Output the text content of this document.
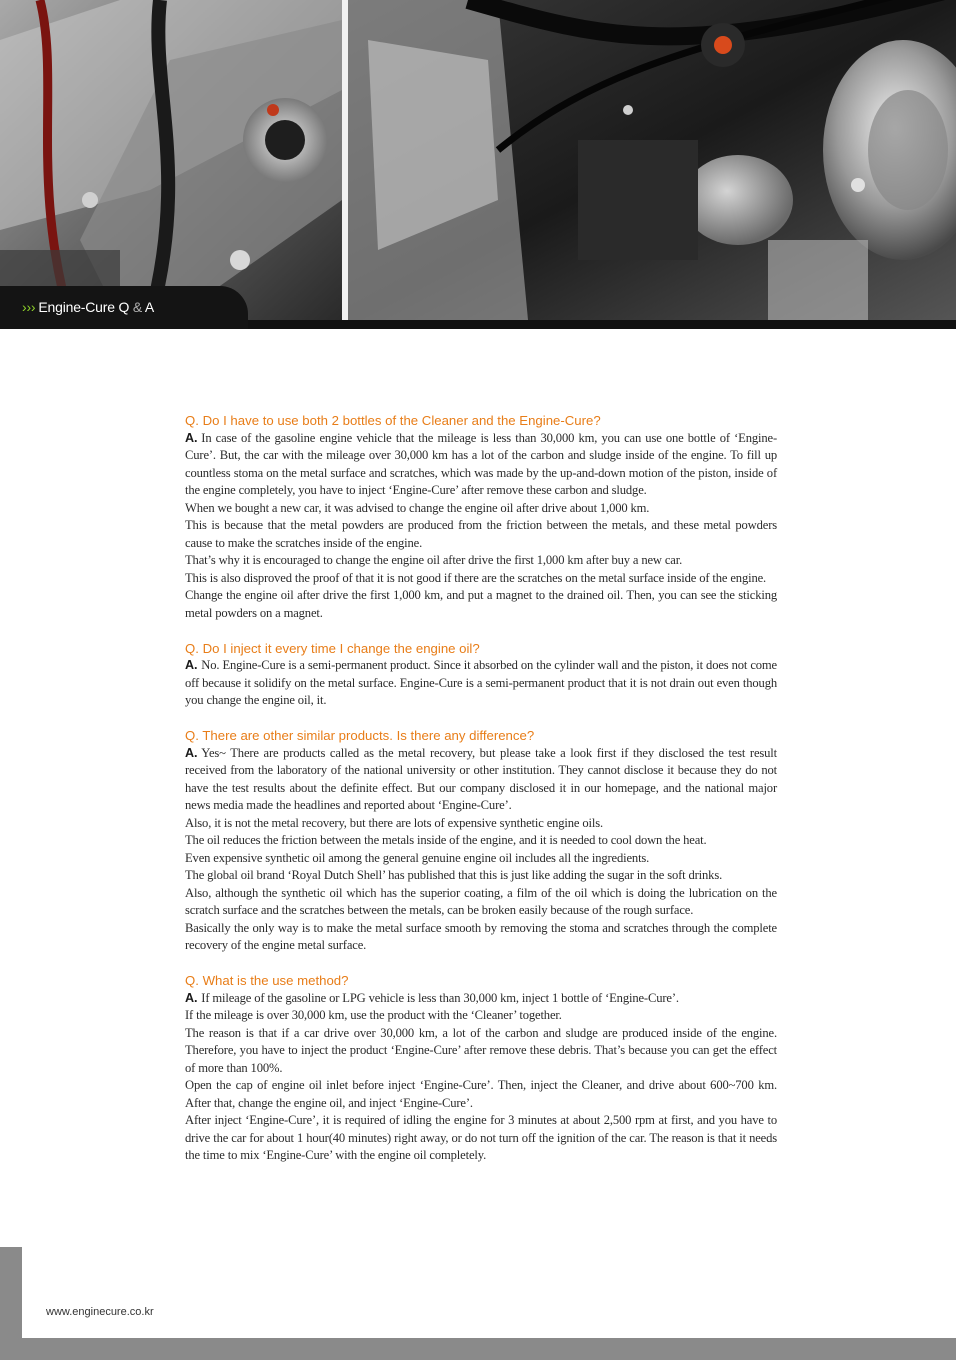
››› Engine-Cure Q & A

Q. Do I have to use both 2 bottles of the Cleaner and the Engine-Cure?

A. In case of the gasoline engine vehicle that the mileage is less than 30,000 km, you can use one bottle of ‘Engine-Cure’. But, the car with the mileage over 30,000 km has a lot of the carbon and sludge inside of the engine. To fill up countless stoma on the metal surface and scratches, which was made by the up-and-down motion of the piston, inside of the engine completely, you have to inject ‘Engine-Cure’ after remove these carbon and sludge.

When we bought a new car, it was advised to change the engine oil after drive about 1,000 km.

This is because that the metal powders are produced from the friction between the metals, and these metal powders cause to make the scratches inside of the engine.

That’s why it is encouraged to change the engine oil after drive the first 1,000 km after buy a new car.

This is also disproved the proof of that it is not good if there are the scratches on the metal surface inside of the engine.

Change the engine oil after drive the first 1,000 km, and put a magnet to the drained oil. Then, you can see the sticking metal powders on a magnet.

Q. Do I inject it every time I change the engine oil?

A. No. Engine-Cure is a semi-permanent product. Since it absorbed on the cylinder wall and the piston, it does not come off because it solidify on the metal surface. Engine-Cure is a semi-permanent product that it is not drain out even though you change the engine oil, it.

Q. There are other similar products. Is there any difference?

A. Yes~ There are products called as the metal recovery, but please take a look first if they disclosed the test result received from the laboratory of the national university or other institution. They cannot disclose it because they do not have the test results about the definite effect. But our company disclosed it in our homepage, and the national major news media made the headlines and reported about ‘Engine-Cure’.

Also, it is not the metal recovery, but there are lots of expensive synthetic engine oils.

The oil reduces the friction between the metals inside of the engine, and it is needed to cool down the heat.

Even expensive synthetic oil among the general genuine engine oil includes all the ingredients.

The global oil brand ‘Royal Dutch Shell’ has published that this is just like adding the sugar in the soft drinks.

Also, although the synthetic oil which has the superior coating, a film of the oil which is doing the lubrication on the scratch surface and the scratches between the metals, can be broken easily because of the rough surface.

Basically the only way is to make the metal surface smooth by removing the stoma and scratches through the complete recovery of the engine metal surface.

Q. What is the use method?

A. If mileage of the gasoline or LPG vehicle is less than 30,000 km, inject 1 bottle of ‘Engine-Cure’.

If the mileage is over 30,000 km, use the product with the ‘Cleaner’ together.

The reason is that if a car drive over 30,000 km, a lot of the carbon and sludge are produced inside of the engine. Therefore, you have to inject the product ‘Engine-Cure’ after remove these debris. That’s because you can get the effect of more than 100%.

Open the cap of engine oil inlet before inject ‘Engine-Cure’. Then, inject the Cleaner, and drive about 600~700 km. After that, change the engine oil, and inject ‘Engine-Cure’.

After inject ‘Engine-Cure’, it is required of idling the engine for 3 minutes at about 2,500 rpm at first, and you have to drive the car for about 1 hour(40 minutes) right away, or do not turn off the ignition of the car. The reason is that it needs the time to mix ‘Engine-Cure’ with the engine oil completely.

www.enginecure.co.kr
